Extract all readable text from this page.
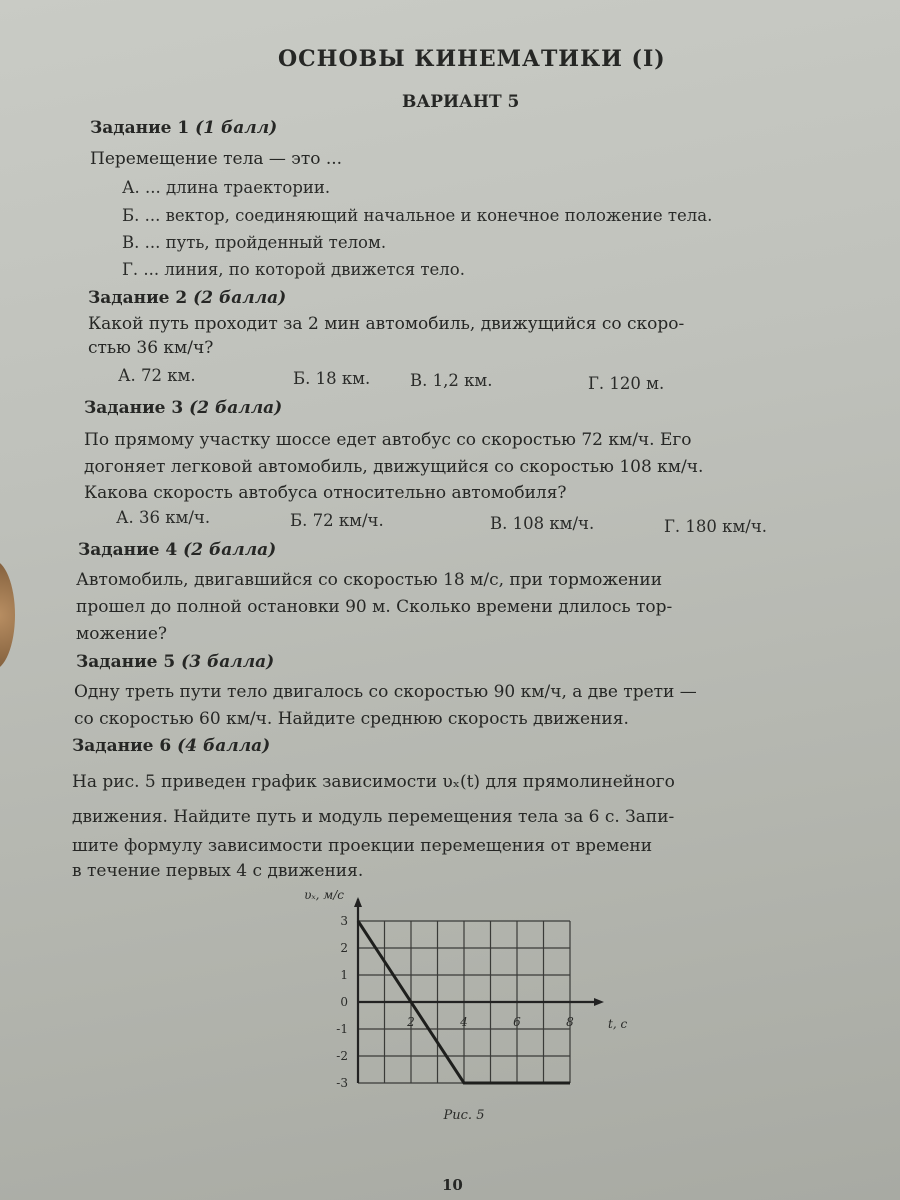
ОСНОВЫ КИНЕМАТИКИ (I)
ВАРИАНТ 5
Задание 1 (1 балл)
Перемещение тела — это ...
А. ... длина траектории.
Б. ... вектор, соединяющий начальное и конечное положение тела.
В. ... путь, пройденный телом.
Г. ... линия, по которой движется тело.
Задание 2 (2 балла)
Какой путь проходит за 2 мин автомобиль, движущийся со скоро-
стью 36 км/ч?
А. 72 км.	Б. 18 км. В. 1,2 км.	Г. 120 м.
Задание 3 (2 балла)
По прямому участку шоссе едет автобус со скоростью 72 км/ч. Его
догоняет легковой автомобиль, движущийся со скоростью 108 км/ч.
Какова скорость автобуса относительно автомобиля?
А. 36 км/ч.	Б. 72 км/ч.	В. 108 км/ч.	Г. 180 км/ч.
Задание 4 (2 балла)
Автомобиль, двигавшийся со скоростью 18 м/с, при торможении
прошел до полной остановки 90 м. Сколько времени длилось тор-
можение?
Задание 5 (3 балла)
Одну треть пути тело двигалось со скоростью 90 км/ч, а две трети —
со скоростью 60 км/ч. Найдите среднюю скорость движения.
Задание 6 (4 балла)
На рис. 5 приведен график зависимости υₓ(t) для прямолинейного
движения. Найдите путь и модуль перемещения тела за 6 с. Запи-
шите формулу зависимости проекции перемещения от времени
в течение первых 4 с движения.
3
2
1
0
-1
-2
-3
2	4	6	8
υₓ, м/с
t, с
Рис. 5
10
